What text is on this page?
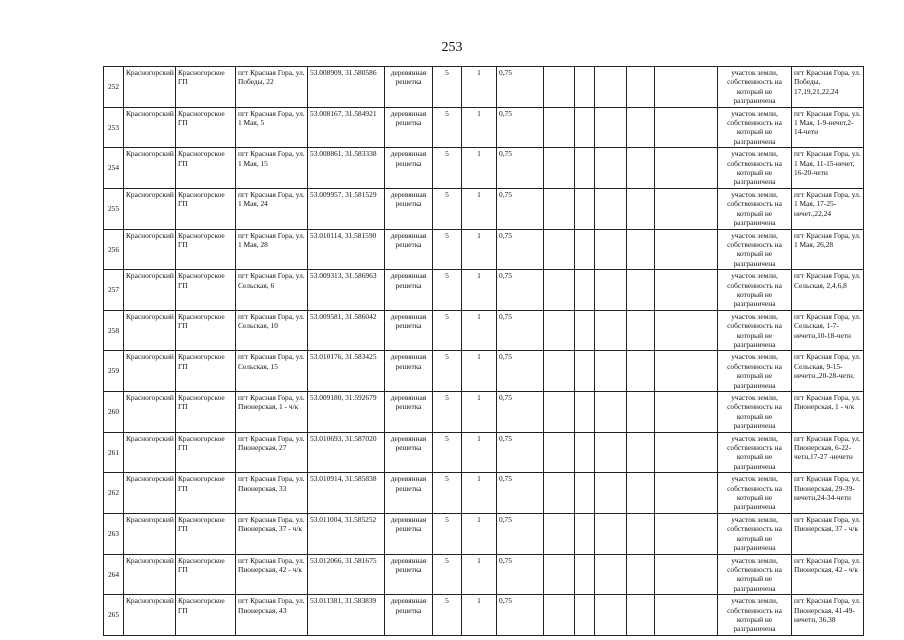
253
252	Красногорский	Красногорское ГП	пгт Красная Гора, ул. Победы, 22	53.008909, 31.580586	деревянная решетка	5	1	0,75						участок земли, собственность на который не разграничена	пгт Красная Гора, ул. Победы, 17,19,21,22,24
253	Красногорский	Красногорское ГП	пгт Красная Гора, ул. 1 Мая, 5	53.008167, 31.584921	деревянная решетка	5	1	0,75						участок земли, собственность на который не разграничена	пгт Красная Гора, ул. 1 Мая, 1-9-нечет,2-14-четн
254	Красногорский	Красногорское ГП	пгт Красная Гора, ул. 1 Мая, 15	53.008861, 31.583338	деревянная решетка	5	1	0,75						участок земли, собственность на который не разграничена	пгт Красная Гора, ул. 1 Мая, 11-15-нечет, 16-20-четн
255	Красногорский	Красногорское ГП	пгт Красная Гора, ул. 1 Мая, 24	53.009957, 31.581529	деревянная решетка	5	1	0,75						участок земли, собственность на который не разграничена	пгт Красная Гора, ул. 1 Мая, 17-25-нечет.,22,24
256	Красногорский	Красногорское ГП	пгт Красная Гора, ул. 1 Мая, 28	53.010114, 31.581590	деревянная решетка	5	1	0,75						участок земли, собственность на который не разграничена	пгт Красная Гора, ул. 1 Мая, 26,28
257	Красногорский	Красногорское ГП	пгт Красная Гора, ул. Сельская, 6	53.009313, 31.586963	деревянная решетка	5	1	0,75						участок земли, собственность на который не разграничена	пгт Красная Гора, ул. Сельская, 2,4,6,8
258	Красногорский	Красногорское ГП	пгт Красная Гора, ул. Сельская, 10	53.009581, 31.586042	деревянная решетка	5	1	0,75						участок земли, собственность на который не разграничена	пгт Красная Гора, ул. Сельская, 1-7-нечетн,10-18-четн
259	Красногорский	Красногорское ГП	пгт Красная Гора, ул. Сельская, 15	53.010176, 31.583425	деревянная решетка	5	1	0,75						участок земли, собственность на который не разграничена	пгт Красная Гора, ул. Сельская, 9-15-нечетн.,20-28-четн.
260	Красногорский	Красногорское ГП	пгт Красная Гора, ул. Пионерская, 1 - ч/к	53.009180, 31.592679	деревянная решетка	5	1	0,75						участок земли, собственность на который не разграничена	пгт Красная Гора, ул. Пионерская, 1 - ч/к
261	Красногорский	Красногорское ГП	пгт Красная Гора, ул. Пионерская, 27	53.010693, 31.587020	деревянная решетка	5	1	0,75						участок земли, собственность на который не разграничена	пгт Красная Гора, ул. Пионерская, 6-22-четн,17-27 -нечетн
262	Красногорский	Красногорское ГП	пгт Красная Гора, ул. Пионерская, 33	53.010914, 31.585838	деревянная решетка	5	1	0,75						участок земли, собственность на который не разграничена	пгт Красная Гора, ул. Пионерская, 29-39-нечетн,24-34-четн
263	Красногорский	Красногорское ГП	пгт Красная Гора, ул. Пионерская, 37 - ч/к	53.011004, 31.585252	деревянная решетка	5	1	0,75						участок земли, собственность на который не разграничена	пгт Красная Гора, ул. Пионерская, 37 - ч/к
264	Красногорский	Красногорское ГП	пгт Красная Гора, ул. Пионерская, 42 - ч/к	53.012066, 31.581675	деревянная решетка	5	1	0,75						участок земли, собственность на который не разграничена	пгт Красная Гора, ул. Пионерская, 42 - ч/к
265	Красногорский	Красногорское ГП	пгт Красная Гора, ул. Пионерская, 43	53.011381, 31.583839	деревянная решетка	5	1	0,75						участок земли, собственность на который не разграничена	пгт Красная Гора, ул. Пионерская, 41-49-нечетн, 36,38
